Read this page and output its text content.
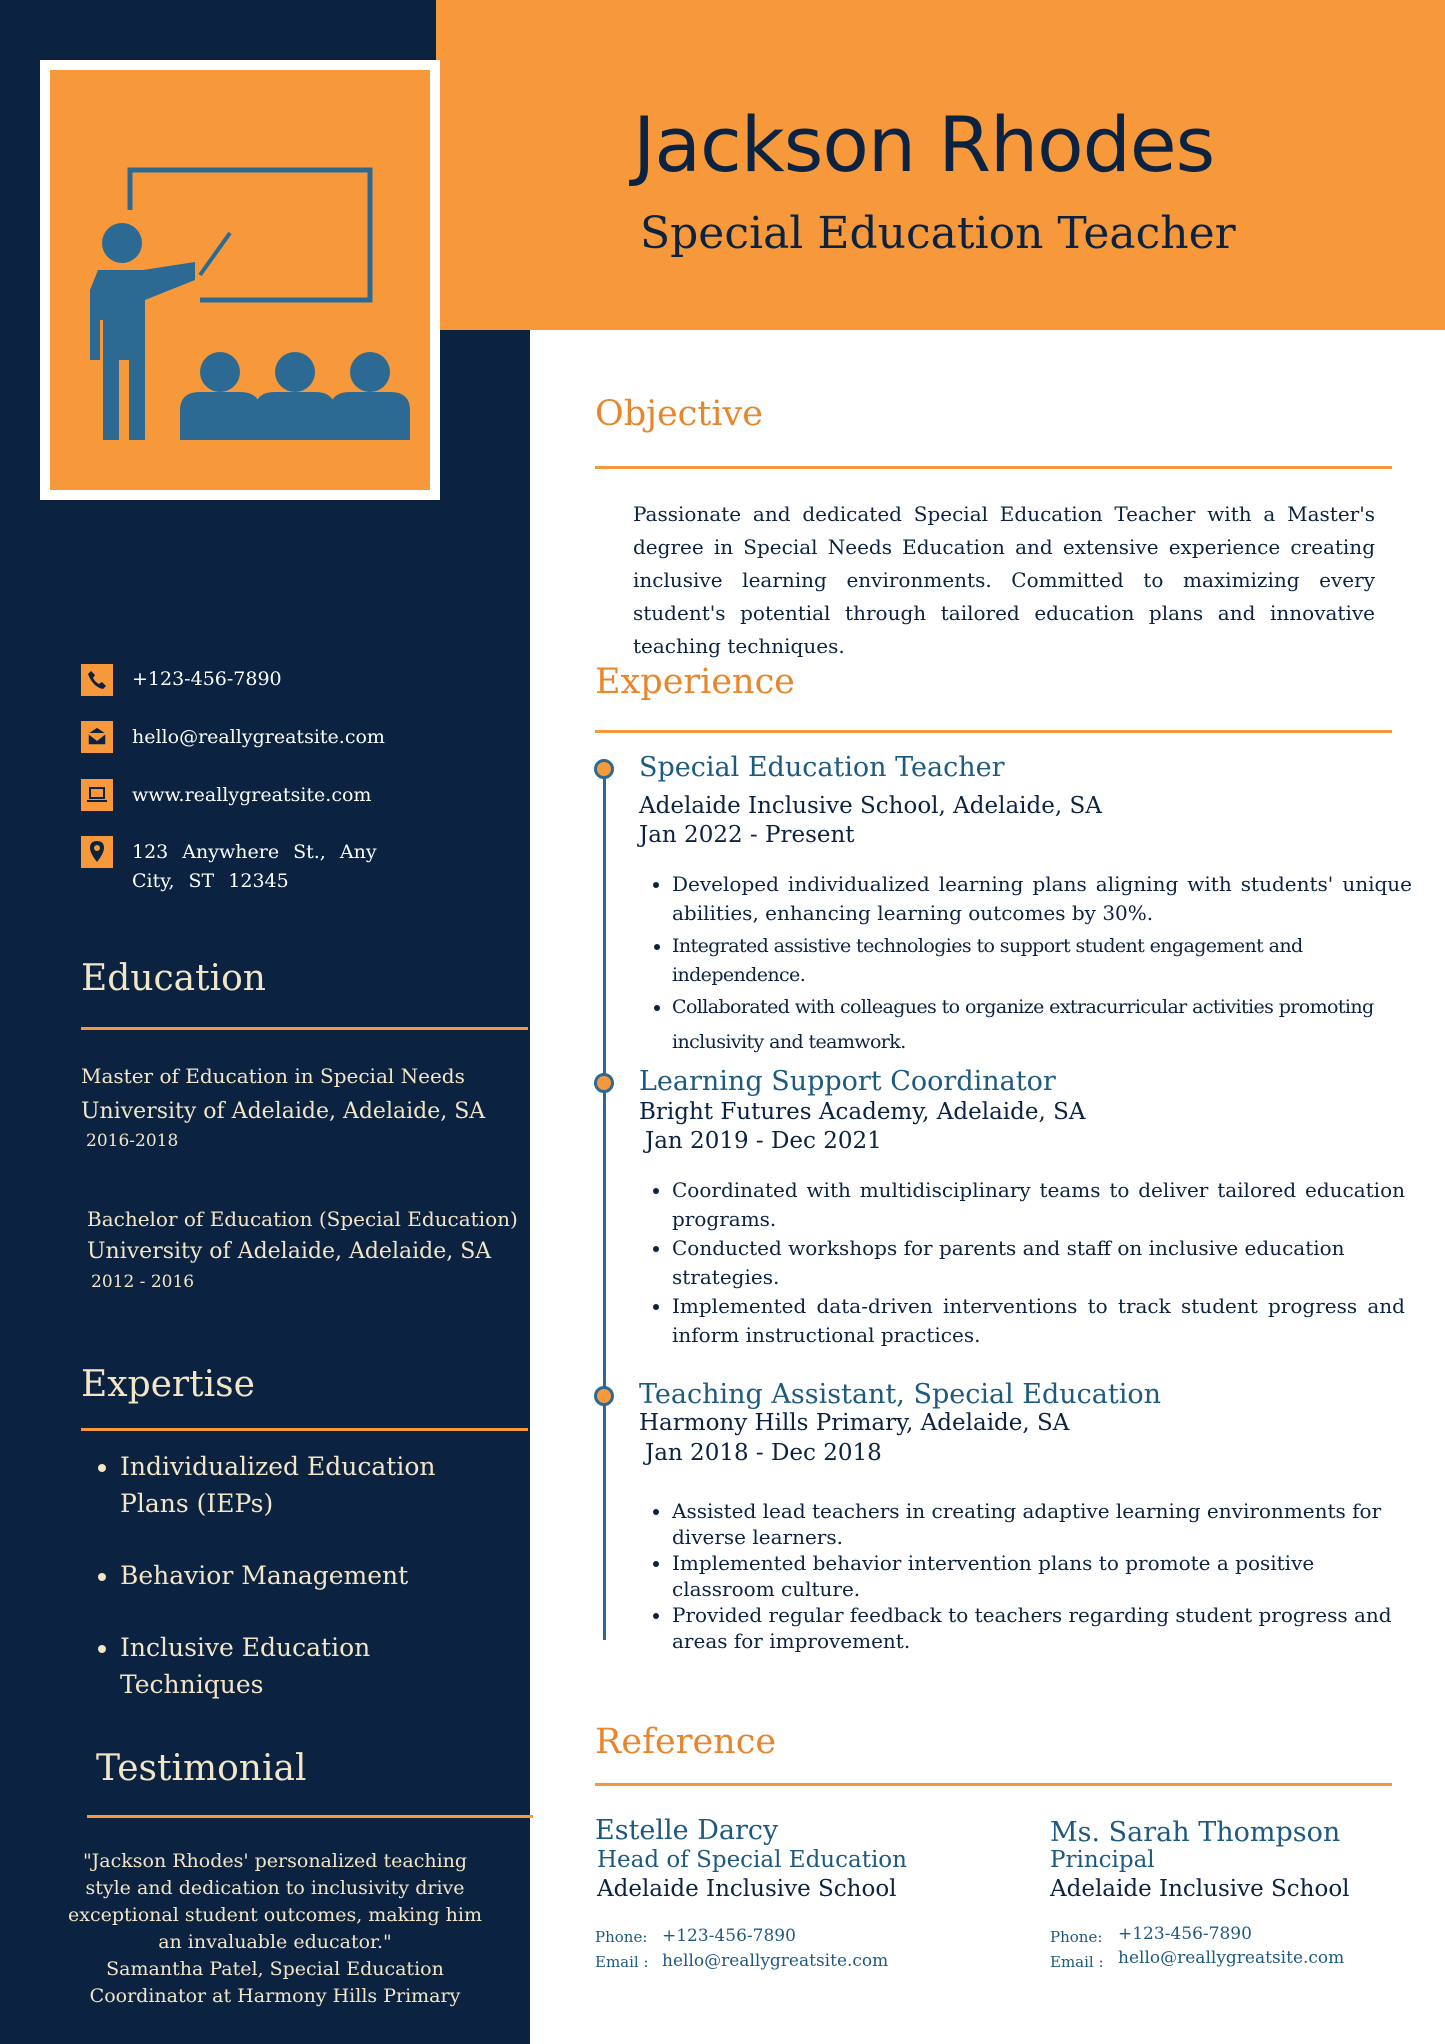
Jackson Rhodes
Special Education Teacher
+123-456-7890
hello@reallygreatsite.com
www.reallygreatsite.com
123 Anywhere St., Any City, ST 12345
Education
Master of Education in Special Needs
University of Adelaide, Adelaide, SA
2016-2018
Bachelor of Education (Special Education)
University of Adelaide, Adelaide, SA
2012 - 2016
Expertise
• Individualized Education Plans (IEPs)
• Behavior Management
• Inclusive Education Techniques
Testimonial
"Jackson Rhodes' personalized teaching style and dedication to inclusivity drive exceptional student outcomes, making him an invaluable educator."
Samantha Patel, Special Education Coordinator at Harmony Hills Primary
Objective

Passionate and dedicated Special Education Teacher with a Master's degree in Special Needs Education and extensive experience creating inclusive learning environments. Committed to maximizing every student's potential through tailored education plans and innovative teaching techniques.

Experience
Special Education Teacher
Adelaide Inclusive School, Adelaide, SA
Jan 2022 - Present
• Developed individualized learning plans aligning with students' unique abilities, enhancing learning outcomes by 30%.
• Integrated assistive technologies to support student engagement and independence.
• Collaborated with colleagues to organize extracurricular activities promoting inclusivity and teamwork.
Learning Support Coordinator
Bright Futures Academy, Adelaide, SA
Jan 2019 - Dec 2021
• Coordinated with multidisciplinary teams to deliver tailored education programs.
• Conducted workshops for parents and staff on inclusive education strategies.
• Implemented data-driven interventions to track student progress and inform instructional practices.
Teaching Assistant, Special Education
Harmony Hills Primary, Adelaide, SA
Jan 2018 - Dec 2018
• Assisted lead teachers in creating adaptive learning environments for diverse learners.
• Implemented behavior intervention plans to promote a positive classroom culture.
• Provided regular feedback to teachers regarding student progress and areas for improvement.
Reference
Estelle Darcy
Head of Special Education
Adelaide Inclusive School
Phone: +123-456-7890
Email : hello@reallygreatsite.com
Ms. Sarah Thompson
Principal
Adelaide Inclusive School
Phone: +123-456-7890
Email : hello@reallygreatsite.com
